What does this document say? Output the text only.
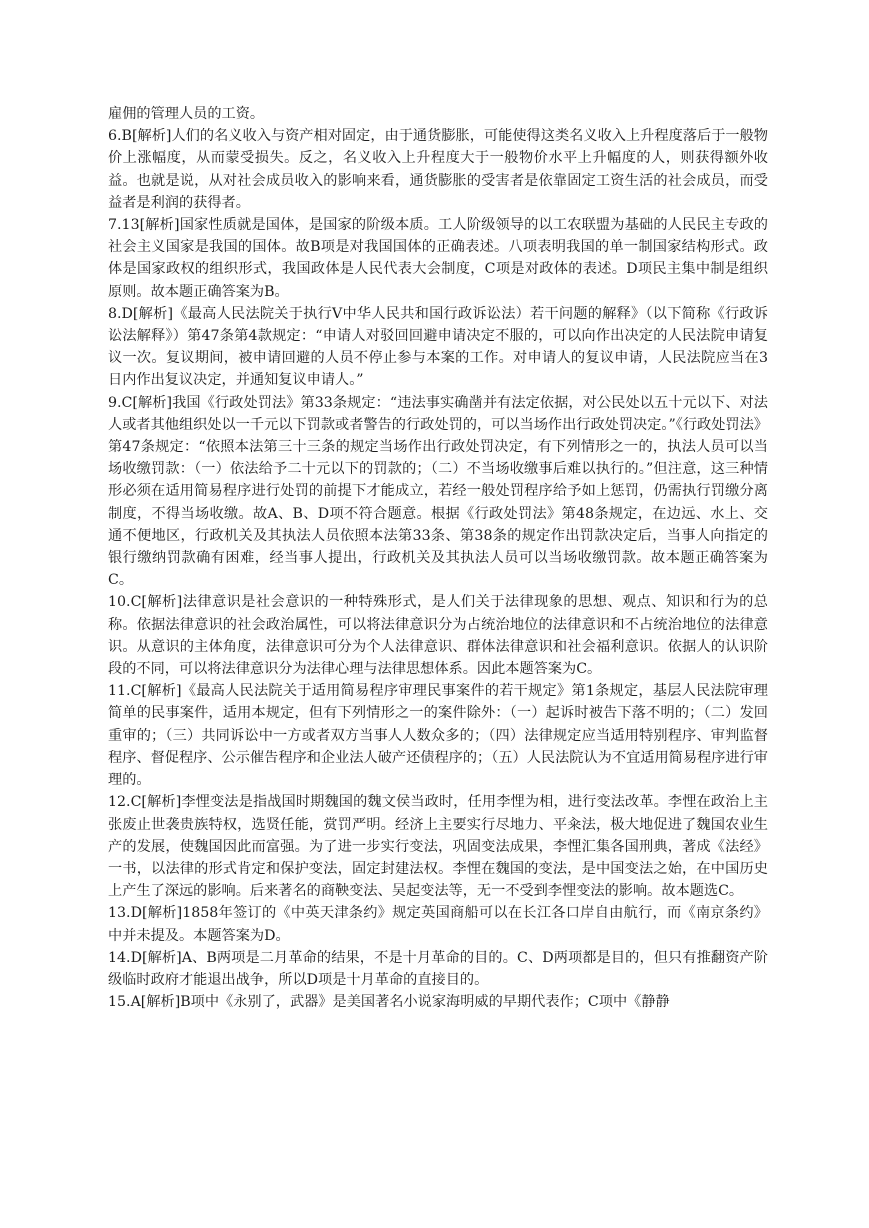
雇佣的管理人员的工资。

6.B[解析]人们的名义收入与资产相对固定，由于通货膨胀，可能使得这类名义收入上升程度落后于一般物价上涨幅度，从而蒙受损失。反之，名义收入上升程度大于一般物价水平上升幅度的人，则获得额外收益。也就是说，从对社会成员收入的影响来看，通货膨胀的受害者是依靠固定工资生活的社会成员，而受益者是利润的获得者。

7.13[解析]国家性质就是国体，是国家的阶级本质。工人阶级领导的以工农联盟为基础的人民民主专政的社会主义国家是我国的国体。故B项是对我国国体的正确表述。八项表明我国的单一制国家结构形式。政体是国家政权的组织形式，我国政体是人民代表大会制度，C项是对政体的表述。D项民主集中制是组织原则。故本题正确答案为B。

8.D[解析]《最高人民法院关于执行Ⅴ中华人民共和国行政诉讼法）若干问题的解释》（以下简称《行政诉讼法解释》）第47条第4款规定：“申请人对驳回回避申请决定不服的，可以向作出决定的人民法院申请复议一次。复议期间，被申请回避的人员不停止参与本案的工作。对申请人的复议申请，人民法院应当在3日内作出复议决定，并通知复议申请人。”

9.C[解析]我国《行政处罚法》第33条规定：“违法事实确凿并有法定依据，对公民处以五十元以下、对法人或者其他组织处以一千元以下罚款或者警告的行政处罚的，可以当场作出行政处罚决定。”《行政处罚法》第47条规定：“依照本法第三十三条的规定当场作出行政处罚决定，有下列情形之一的，执法人员可以当场收缴罚款：（一）依法给予二十元以下的罚款的；（二）不当场收缴事后难以执行的。”但注意，这三种情形必须在适用简易程序进行处罚的前提下才能成立，若经一般处罚程序给予如上惩罚，仍需执行罚缴分离制度，不得当场收缴。故A、B、D项不符合题意。根据《行政处罚法》第48条规定，在边远、水上、交通不便地区，行政机关及其执法人员依照本法第33条、第38条的规定作出罚款决定后，当事人向指定的银行缴纳罚款确有困难，经当事人提出，行政机关及其执法人员可以当场收缴罚款。故本题正确答案为C。

10.C[解析]法律意识是社会意识的一种特殊形式，是人们关于法律现象的思想、观点、知识和行为的总称。依据法律意识的社会政治属性，可以将法律意识分为占统治地位的法律意识和不占统治地位的法律意识。从意识的主体角度，法律意识可分为个人法律意识、群体法律意识和社会福利意识。依据人的认识阶段的不同，可以将法律意识分为法律心理与法律思想体系。因此本题答案为C。

11.C[解析]《最高人民法院关于适用简易程序审理民事案件的若干规定》第1条规定，基层人民法院审理简单的民事案件，适用本规定，但有下列情形之一的案件除外：（一）起诉时被告下落不明的；（二）发回重审的；（三）共同诉讼中一方或者双方当事人人数众多的；（四）法律规定应当适用特别程序、审判监督程序、督促程序、公示催告程序和企业法人破产还债程序的；（五）人民法院认为不宜适用简易程序进行审理的。

12.C[解析]李悝变法是指战国时期魏国的魏文侯当政时，任用李悝为相，进行变法改革。李悝在政治上主张废止世袭贵族特权，选贤任能，赏罚严明。经济上主要实行尽地力、平籴法，极大地促进了魏国农业生产的发展，使魏国因此而富强。为了进一步实行变法，巩固变法成果，李悝汇集各国刑典，著成《法经》一书，以法律的形式肯定和保护变法，固定封建法权。李悝在魏国的变法，是中国变法之始，在中国历史上产生了深远的影响。后来著名的商鞅变法、吴起变法等，无一不受到李悝变法的影响。故本题选C。

13.D[解析]1858年签订的《中英天津条约》规定英国商船可以在长江各口岸自由航行，而《南京条约》中并未提及。本题答案为D。

14.D[解析]A、B两项是二月革命的结果，不是十月革命的目的。C、D两项都是目的，但只有推翻资产阶级临时政府才能退出战争，所以D项是十月革命的直接目的。

15.A[解析]B项中《永别了，武器》是美国著名小说家海明威的早期代表作；C项中《静静
